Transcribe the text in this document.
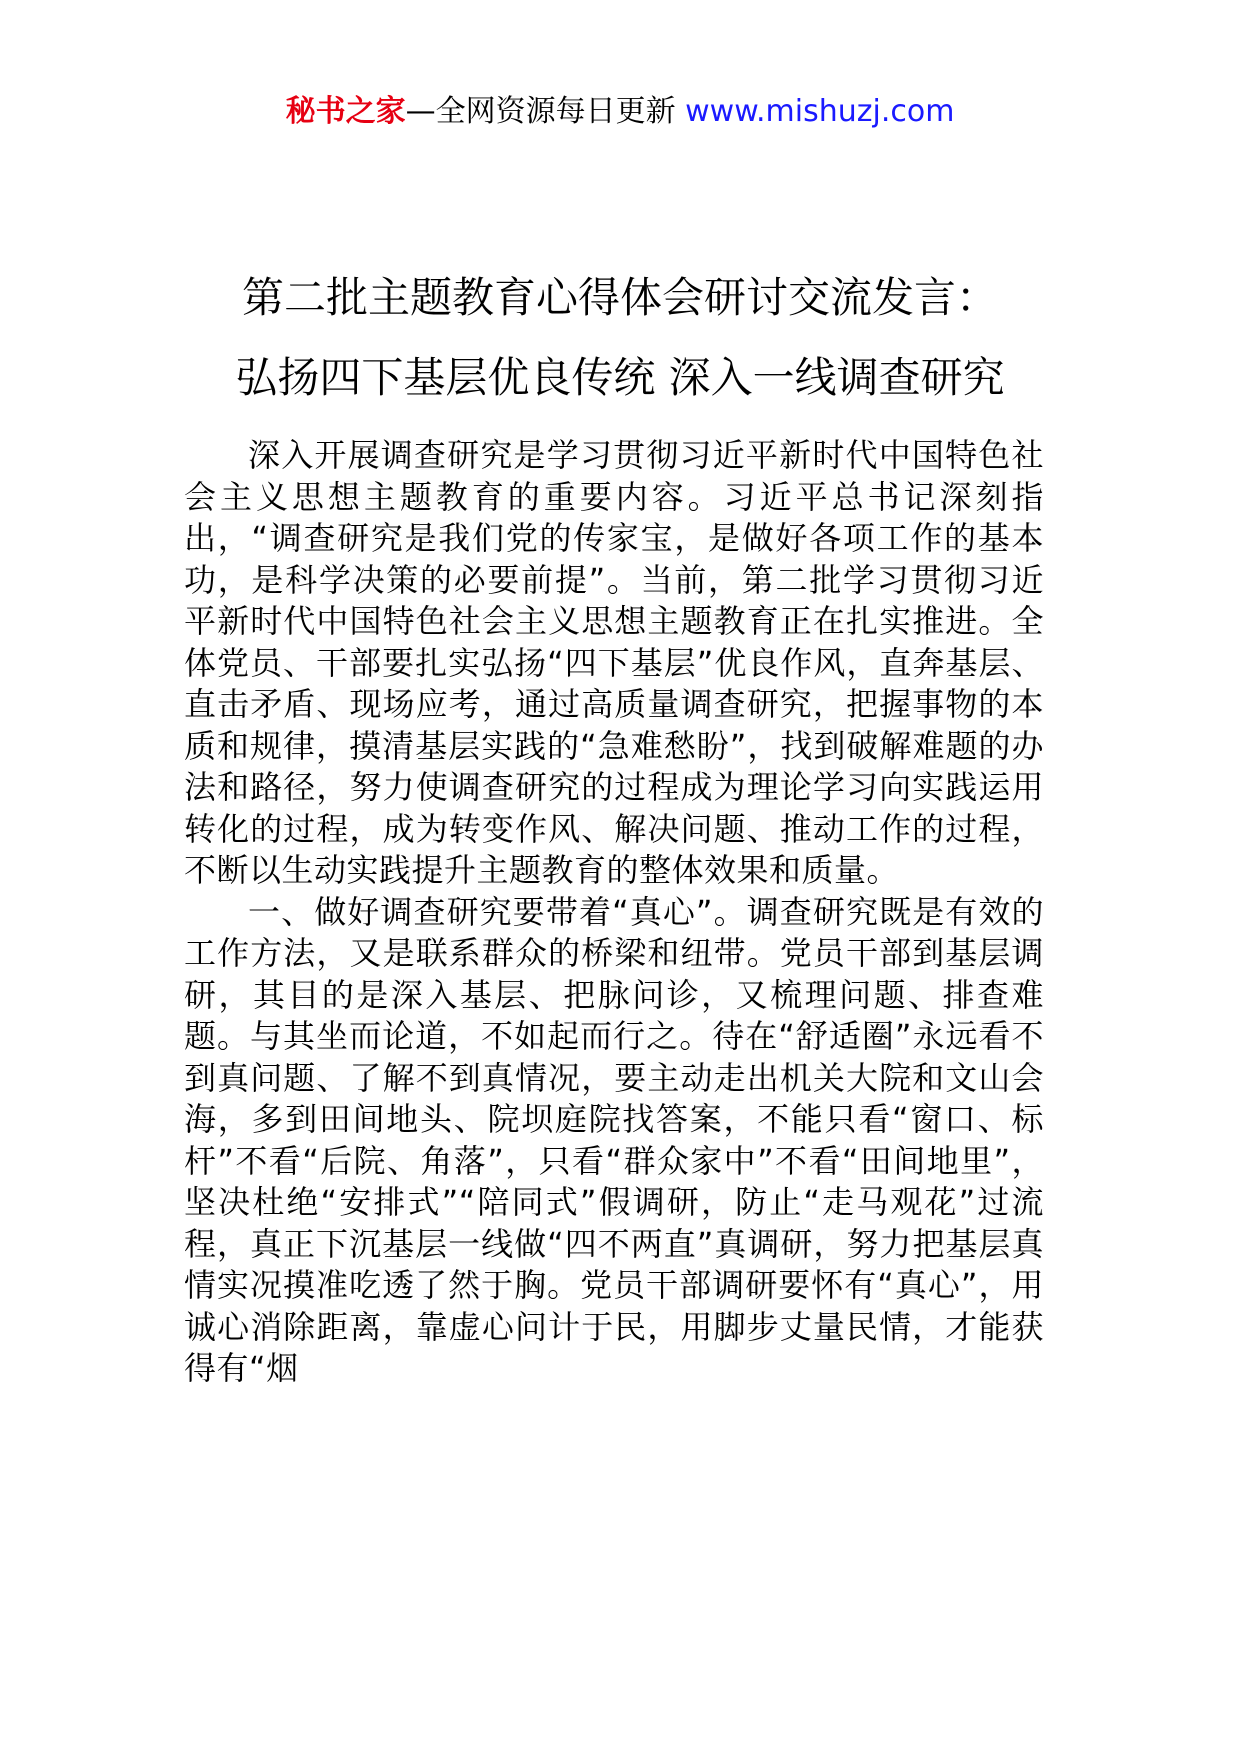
秘书之家—全网资源每日更新 www.mishuzj.com
第二批主题教育心得体会研讨交流发言：
弘扬四下基层优良传统 深入一线调查研究

深入开展调查研究是学习贯彻习近平新时代中国特色社会主义思想主题教育的重要内容。习近平总书记深刻指出，“调查研究是我们党的传家宝，是做好各项工作的基本功，是科学决策的必要前提”。当前，第二批学习贯彻习近平新时代中国特色社会主义思想主题教育正在扎实推进。全体党员、干部要扎实弘扬“四下基层”优良作风，直奔基层、直击矛盾、现场应考，通过高质量调查研究，把握事物的本质和规律，摸清基层实践的“急难愁盼”，找到破解难题的办法和路径，努力使调查研究的过程成为理论学习向实践运用转化的过程，成为转变作风、解决问题、推动工作的过程，不断以生动实践提升主题教育的整体效果和质量。

一、做好调查研究要带着“真心”。调查研究既是有效的工作方法，又是联系群众的桥梁和纽带。党员干部到基层调研，其目的是深入基层、把脉问诊，又梳理问题、排查难题。与其坐而论道，不如起而行之。待在“舒适圈”永远看不到真问题、了解不到真情况，要主动走出机关大院和文山会海，多到田间地头、院坝庭院找答案，不能只看“窗口、标杆”不看“后院、角落”，只看“群众家中”不看“田间地里”，坚决杜绝“安排式”“陪同式”假调研，防止“走马观花”过流程，真正下沉基层一线做“四不两直”真调研，努力把基层真情实况摸准吃透了然于胸。党员干部调研要怀有“真心”，用诚心消除距离，靠虚心问计于民，用脚步丈量民情，才能获得有“烟
